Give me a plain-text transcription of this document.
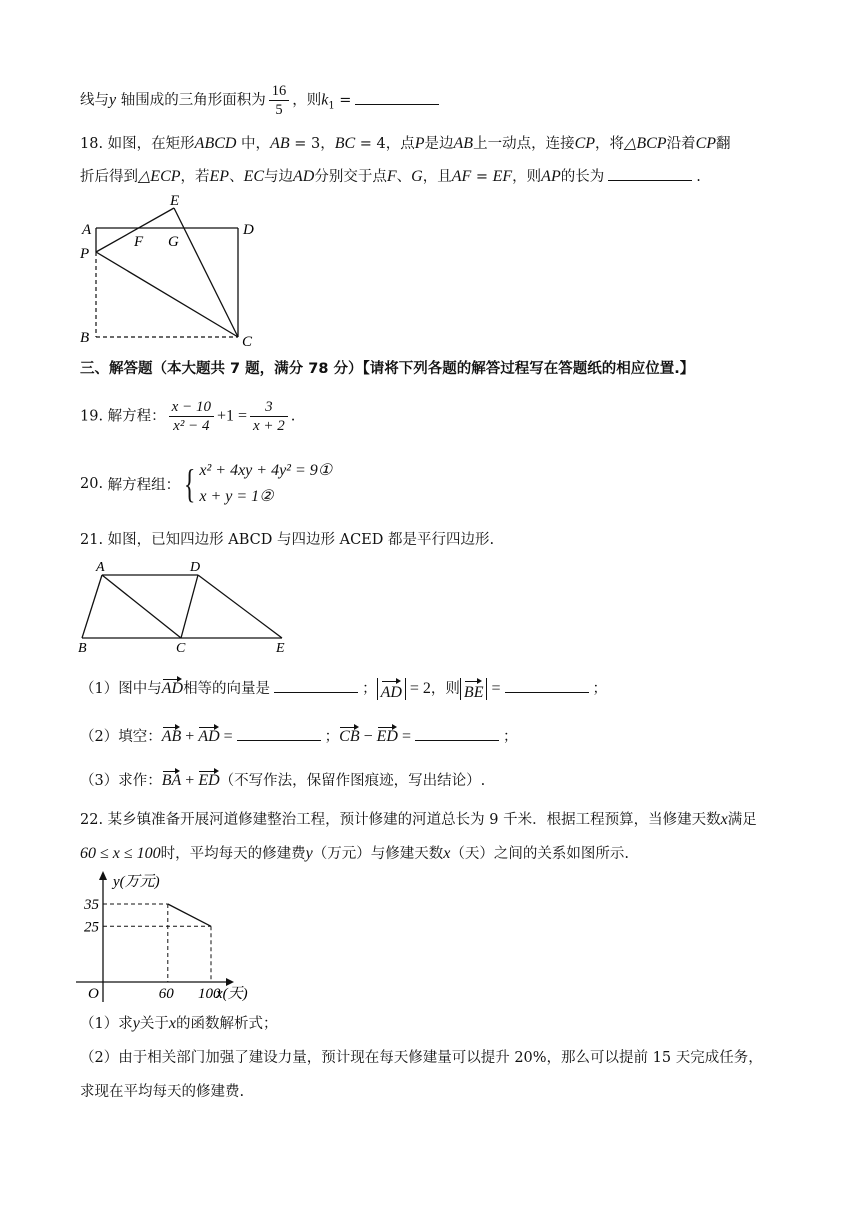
线与y 轴围成的三角形面积为 $\frac{16}{5}$ ，则$k_1$ =
18. 如图，在矩形ABCD 中，AB = 3，BC = 4，点P是边AB上一动点，连接CP，将△BCP沿着CP翻
折后得到△ECP，若EP、EC与边AD分别交于点F、G，且AF = EF，则AP的长为	.
A
P
B	C
D
E
F G
三、解答题（本大题共 7 题，满分 78 分）【请将下列各题的解答过程写在答题纸的相应位置.】
19. 解方程： $\frac{x - 10}{\text{x² − 4}} +1 = \frac{3}{x + 2}$ .
20. 解方程组：{ x² + 4xy + 4y² = 9①
x + y = 1②
21. 如图，已知四边形 ABCD 与四边形 ACED 都是平行四边形.
A	D
B	C	E
（1）图中与AD相等的向量是	； AD = 2，则 BE =	；
（2）填空：AB + AD =	；CB − ED =	；
（3）求作：BA + ED（不写作法，保留作图痕迹，写出结论）.
22. 某乡镇准备开展河道修建整治工程，预计修建的河道总长为 9 千米．根据工程预算，当修建天数x满足
60 ≤ x ≤ 100时，平均每天的修建费y（万元）与修建天数x（天）之间的关系如图所示.
y(万元)
x(天)
O
35
60
25
100
（1）求y关于x的函数解析式；
（2）由于相关部门加强了建设力量，预计现在每天修建量可以提升 20%，那么可以提前 15 天完成任务，
求现在平均每天的修建费.
